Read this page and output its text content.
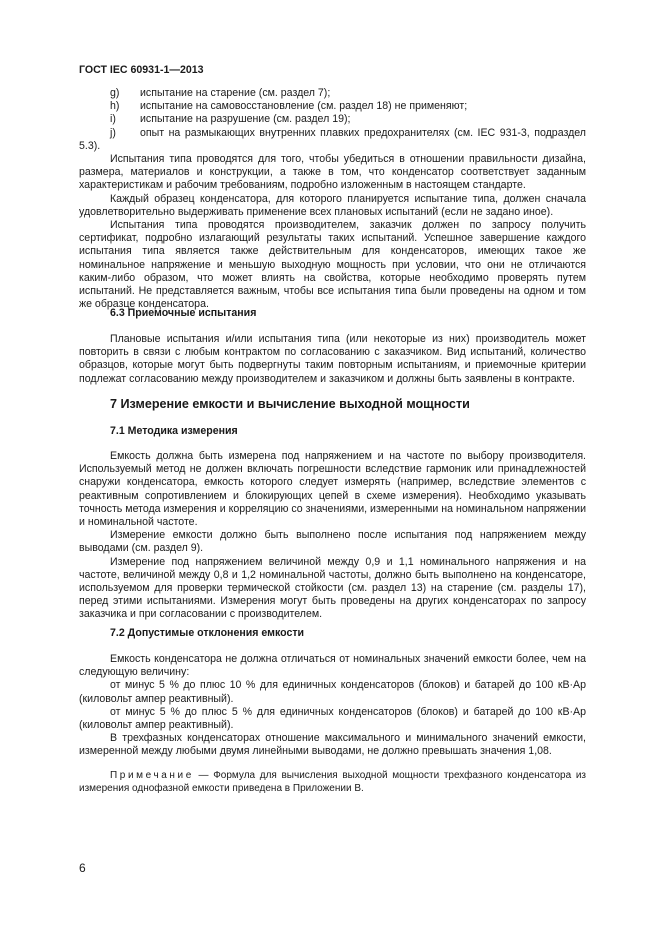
ГОСТ IEC 60931-1—2013
g) испытание на старение (см. раздел 7);
h) испытание на самовосстановление (см. раздел 18) не применяют;
i) испытание на разрушение (см. раздел 19);
j) опыт на размыкающих внутренних плавких предохранителях (см. IEC 931-3, подраздел 5.3).

Испытания типа проводятся для того, чтобы убедиться в отношении правильности дизайна, размера, материалов и конструкции, а также в том, что конденсатор соответствует заданным характеристикам и рабочим требованиям, подробно изложенным в настоящем стандарте.

Каждый образец конденсатора, для которого планируется испытание типа, должен сначала удовлетворительно выдерживать применение всех плановых испытаний (если не задано иное).

Испытания типа проводятся производителем, заказчик должен по запросу получить сертификат, подробно излагающий результаты таких испытаний. Успешное завершение каждого испытания типа является также действительным для конденсаторов, имеющих такое же номинальное напряжение и меньшую выходную мощность при условии, что они не отличаются каким-либо образом, что может влиять на свойства, которые необходимо проверять путем испытаний. Не представляется важным, чтобы все испытания типа были проведены на одном и том же образце конденсатора.

6.3 Приемочные испытания

Плановые испытания и/или испытания типа (или некоторые из них) производитель может повторить в связи с любым контрактом по согласованию с заказчиком. Вид испытаний, количество образцов, которые могут быть подвергнуты таким повторным испытаниям, и приемочные критерии подлежат согласованию между производителем и заказчиком и должны быть заявлены в контракте.

7 Измерение емкости и вычисление выходной мощности
7.1 Методика измерения

Емкость должна быть измерена под напряжением и на частоте по выбору производителя. Используемый метод не должен включать погрешности вследствие гармоник или принадлежностей снаружи конденсатора, емкость которого следует измерять (например, вследствие элементов с реактивным сопротивлением и блокирующих цепей в схеме измерения). Необходимо указывать точность метода измерения и корреляцию со значениями, измеренными на номинальном напряжении и номинальной частоте.

Измерение емкости должно быть выполнено после испытания под напряжением между выводами (см. раздел 9).

Измерение под напряжением величиной между 0,9 и 1,1 номинального напряжения и на частоте, величиной между 0,8 и 1,2 номинальной частоты, должно быть выполнено на конденсаторе, используемом для проверки термической стойкости (см. раздел 13) на старение (см. разделы 17), перед этими испытаниями. Измерения могут быть проведены на других конденсаторах по запросу заказчика и при согласовании с производителем.

7.2 Допустимые отклонения емкости

Емкость конденсатора не должна отличаться от номинальных значений емкости более, чем на следующую величину:

от минус 5 % до плюс 10 % для единичных конденсаторов (блоков) и батарей до 100 кВ·Ар (киловольт ампер реактивный).

от минус 5 % до плюс 5 % для единичных конденсаторов (блоков) и батарей до 100 кВ·Ар (киловольт ампер реактивный).

В трехфазных конденсаторах отношение максимального и минимального значений емкости, измеренной между любыми двумя линейными выводами, не должно превышать значения 1,08.

Примечание — Формула для вычисления выходной мощности трехфазного конденсатора из измерения однофазной емкости приведена в Приложении В.
6
